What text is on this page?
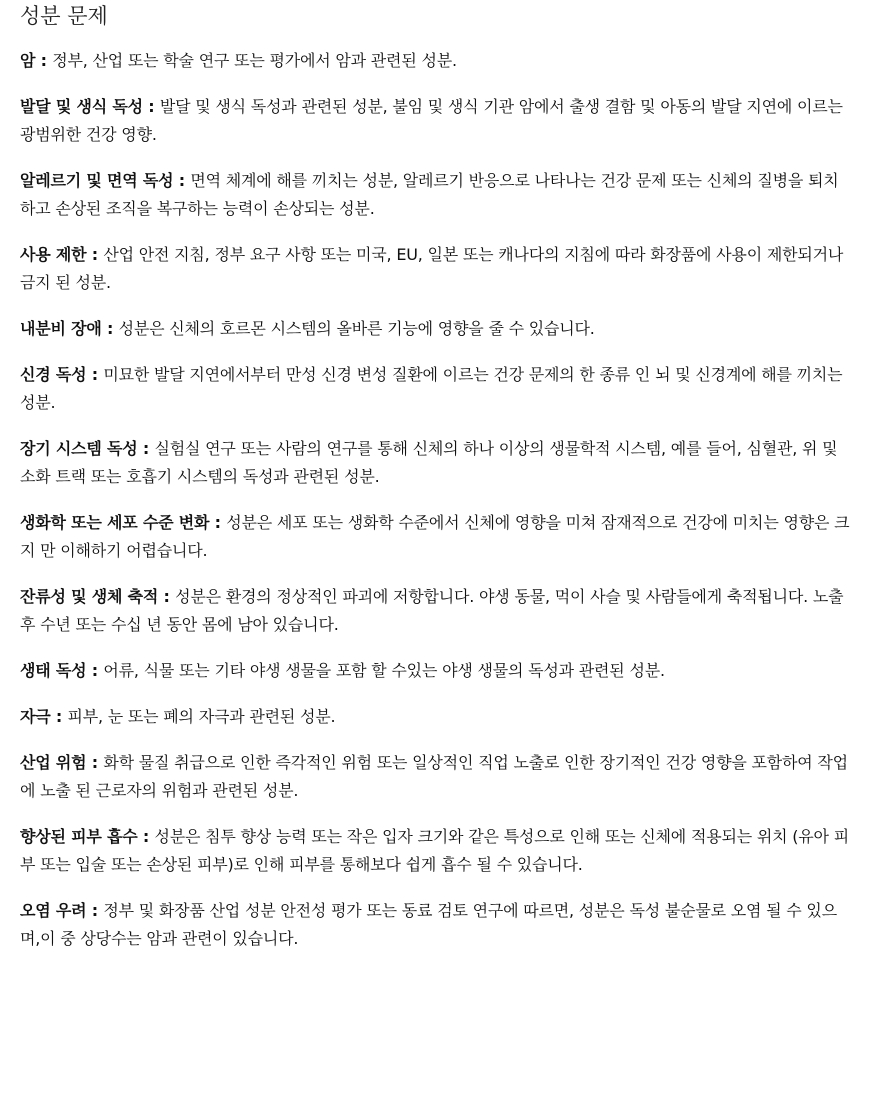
성분 문제
암 : 정부, 산업 또는 학술 연구 또는 평가에서 암과 관련된 성분.
발달 및 생식 독성 : 발달 및 생식 독성과 관련된 성분, 불임 및 생식 기관 암에서 출생 결함 및 아동의 발달 지연에 이르는 광범위한 건강 영향.
알레르기 및 면역 독성 : 면역 체계에 해를 끼치는 성분, 알레르기 반응으로 나타나는 건강 문제 또는 신체의 질병을 퇴치하고 손상된 조직을 복구하는 능력이 손상되는 성분.
사용 제한 : 산업 안전 지침, 정부 요구 사항 또는 미국, EU, 일본 또는 캐나다의 지침에 따라 화장품에 사용이 제한되거나 금지 된 성분.
내분비 장애 : 성분은 신체의 호르몬 시스템의 올바른 기능에 영향을 줄 수 있습니다.
신경 독성 : 미묘한 발달 지연에서부터 만성 신경 변성 질환에 이르는 건강 문제의 한 종류 인 뇌 및 신경계에 해를 끼치는 성분.
장기 시스템 독성 : 실험실 연구 또는 사람의 연구를 통해 신체의 하나 이상의 생물학적 시스템, 예를 들어, 심혈관, 위 및 소화 트랙 또는 호흡기 시스템의 독성과 관련된 성분.
생화학 또는 세포 수준 변화 : 성분은 세포 또는 생화학 수준에서 신체에 영향을 미쳐 잠재적으로 건강에 미치는 영향은 크지 만 이해하기 어렵습니다.
잔류성 및 생체 축적 : 성분은 환경의 정상적인 파괴에 저항합니다. 야생 동물, 먹이 사슬 및 사람들에게 축적됩니다. 노출 후 수년 또는 수십 년 동안 몸에 남아 있습니다.
생태 독성 : 어류, 식물 또는 기타 야생 생물을 포함 할 수있는 야생 생물의 독성과 관련된 성분.
자극 : 피부, 눈 또는 폐의 자극과 관련된 성분.
산업 위험 : 화학 물질 취급으로 인한 즉각적인 위험 또는 일상적인 직업 노출로 인한 장기적인 건강 영향을 포함하여 작업에 노출 된 근로자의 위험과 관련된 성분.
향상된 피부 흡수 : 성분은 침투 향상 능력 또는 작은 입자 크기와 같은 특성으로 인해 또는 신체에 적용되는 위치 (유아 피부 또는 입술 또는 손상된 피부)로 인해 피부를 통해보다 쉽게 흡수 될 수 있습니다.
오염 우려 : 정부 및 화장품 산업 성분 안전성 평가 또는 동료 검토 연구에 따르면, 성분은 독성 불순물로 오염 될 수 있으며,이 중 상당수는 암과 관련이 있습니다.
